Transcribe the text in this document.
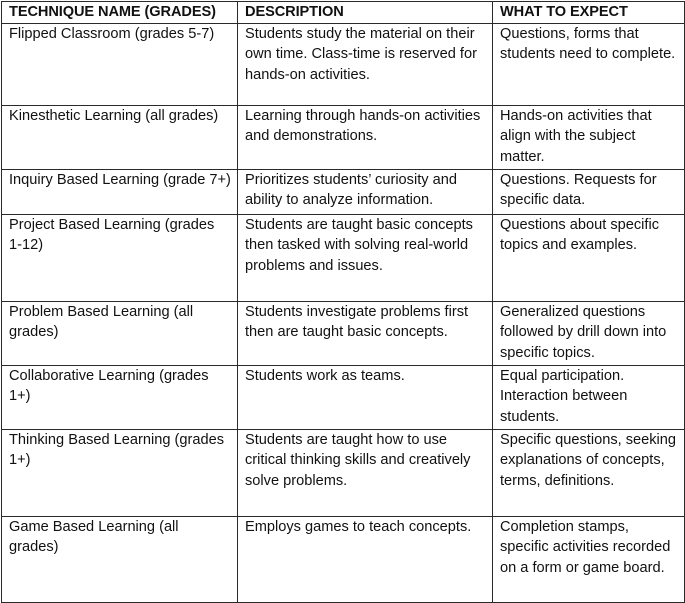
TECHNIQUE NAME (GRADES)	DESCRIPTION	WHAT TO EXPECT
Flipped Classroom (grades 5-7)	Students study the material on their own time. Class-time is reserved for hands-on activities.	Questions, forms that students need to complete.
Kinesthetic Learning (all grades)	Learning through hands-on activities and demonstrations.	Hands-on activities that align with the subject matter.
Inquiry Based Learning (grade 7+)	Prioritizes students’ curiosity and ability to analyze information.	Questions. Requests for specific data.
Project Based Learning (grades 1-12)	Students are taught basic concepts then tasked with solving real-world problems and issues.	Questions about specific topics and examples.
Problem Based Learning (all grades)	Students investigate problems first then are taught basic concepts.	Generalized questions followed by drill down into specific topics.
Collaborative Learning (grades 1+)	Students work as teams.	Equal participation. Interaction between students.
Thinking Based Learning (grades 1+)	Students are taught how to use critical thinking skills and creatively solve problems.	Specific questions, seeking explanations of concepts, terms, definitions.
Game Based Learning (all grades)	Employs games to teach concepts.	Completion stamps, specific activities recorded on a form or game board.
